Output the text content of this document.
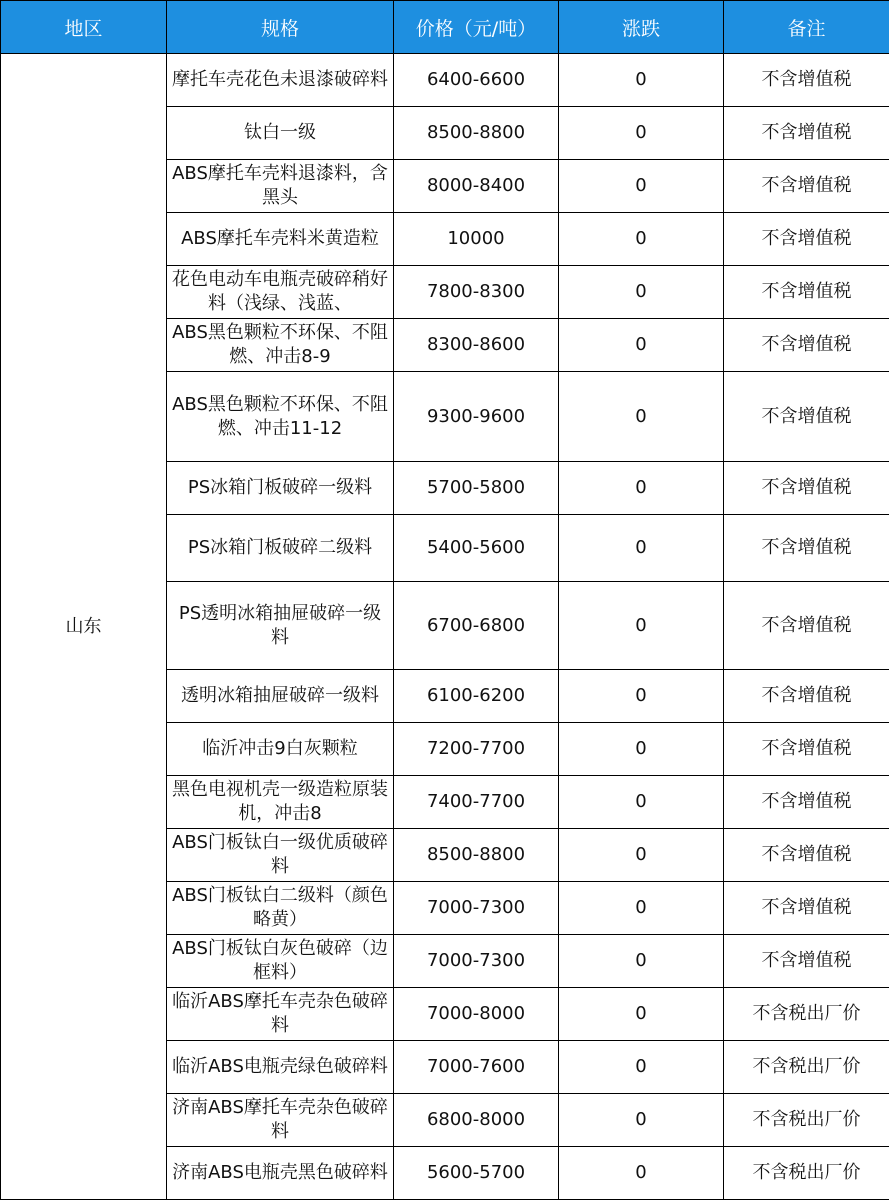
地区	规格	价格（元/吨）	涨跌	备注
山东	摩托车壳花色未退漆破碎料	6400-6600	0	不含增值税
	钛白一级	8500-8800	0	不含增值税
	ABS摩托车壳料退漆料，含黑头	8000-8400	0	不含增值税
	ABS摩托车壳料米黄造粒	10000	0	不含增值税
	花色电动车电瓶壳破碎稍好料（浅绿、浅蓝、	7800-8300	0	不含增值税
	ABS黑色颗粒不环保、不阻燃、冲击8-9	8300-8600	0	不含增值税
	ABS黑色颗粒不环保、不阻燃、冲击11-12	9300-9600	0	不含增值税
	PS冰箱门板破碎一级料	5700-5800	0	不含增值税
	PS冰箱门板破碎二级料	5400-5600	0	不含增值税
	PS透明冰箱抽屉破碎一级料	6700-6800	0	不含增值税
	透明冰箱抽屉破碎一级料	6100-6200	0	不含增值税
	临沂冲击9白灰颗粒	7200-7700	0	不含增值税
	黑色电视机壳一级造粒原装机，冲击8	7400-7700	0	不含增值税
	ABS门板钛白一级优质破碎料	8500-8800	0	不含增值税
	ABS门板钛白二级料（颜色略黄）	7000-7300	0	不含增值税
	ABS门板钛白灰色破碎（边框料）	7000-7300	0	不含增值税
	临沂ABS摩托车壳杂色破碎料	7000-8000	0	不含税出厂价
	临沂ABS电瓶壳绿色破碎料	7000-7600	0	不含税出厂价
	济南ABS摩托车壳杂色破碎料	6800-8000	0	不含税出厂价
	济南ABS电瓶壳黑色破碎料	5600-5700	0	不含税出厂价
